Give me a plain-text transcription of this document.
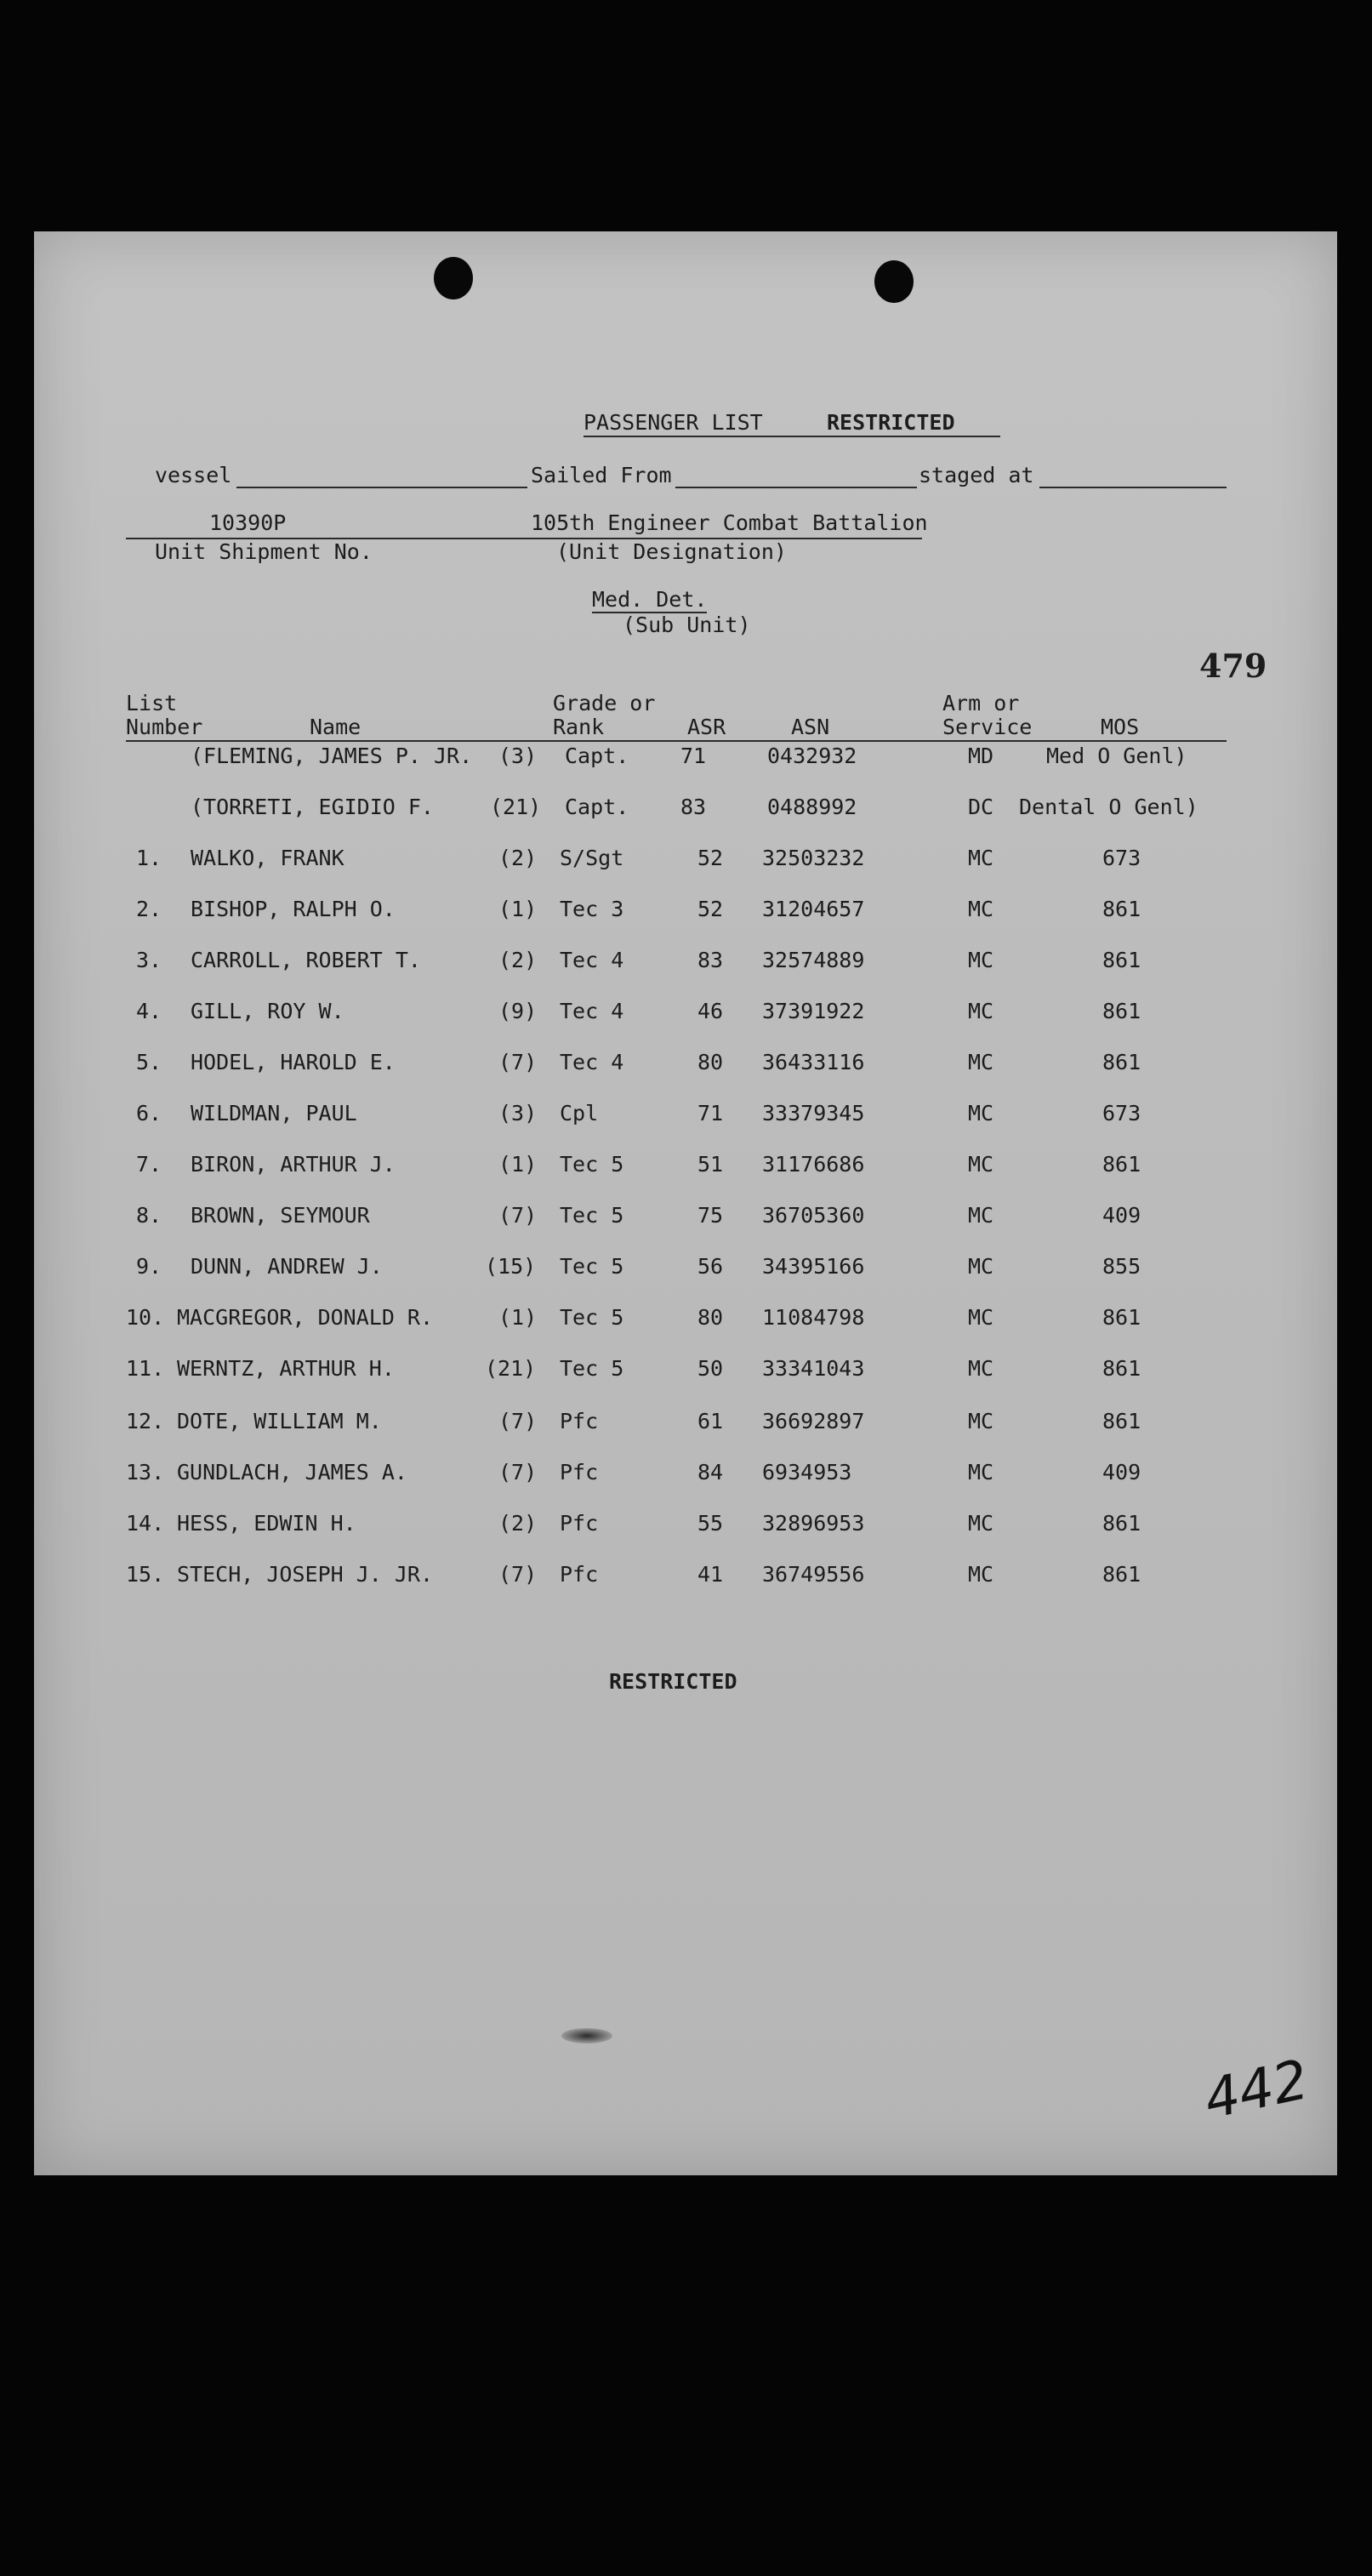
PASSENGER LIST	RESTRICTED
vessel	Sailed From	staged at
10390P	105th Engineer Combat Battalion
Unit Shipment No.	(Unit Designation)
Med. Det.
(Sub Unit)
479
List
Number	Name
Grade or
Rank	ASR	ASN
Arm or
Service	MOS
(FLEMING, JAMES P. JR. (3) Capt. 71	0432932	MD Med O Genl)
(TORRETI, EGIDIO F.	(21) Capt. 83	0488992	DC Dental O Genl)
1. WALKO, FRANK	(2) S/Sgt	52 32503232	MC	673
2. BISHOP, RALPH O.	(1) Tec 3	52 31204657	MC	861
3. CARROLL, ROBERT T.	(2) Tec 4	83 32574889	MC	861
4. GILL, ROY W.	(9) Tec 4	46 37391922	MC	861
5. HODEL, HAROLD E.	(7) Tec 4	80 36433116	MC	861
6. WILDMAN, PAUL	(3) Cpl	71 33379345	MC	673
7. BIRON, ARTHUR J.	(1) Tec 5	51 31176686	MC	861
8. BROWN, SEYMOUR	(7) Tec 5	75 36705360	MC	409
9. DUNN, ANDREW J.	(15) Tec 5	56 34395166	MC	855
10. MACGREGOR, DONALD R.	(1) Tec 5	80 11084798	MC	861
11. WERNTZ, ARTHUR H.	(21) Tec 5	50 33341043	MC	861
12. DOTE, WILLIAM M.	(7) Pfc	61 36692897	MC	861
13. GUNDLACH, JAMES A.	(7) Pfc	84 6934953	MC	409
14. HESS, EDWIN H.	(2) Pfc	55 32896953	MC	861
15. STECH, JOSEPH J. JR.	(7) Pfc	41 36749556	MC	861
RESTRICTED
442
